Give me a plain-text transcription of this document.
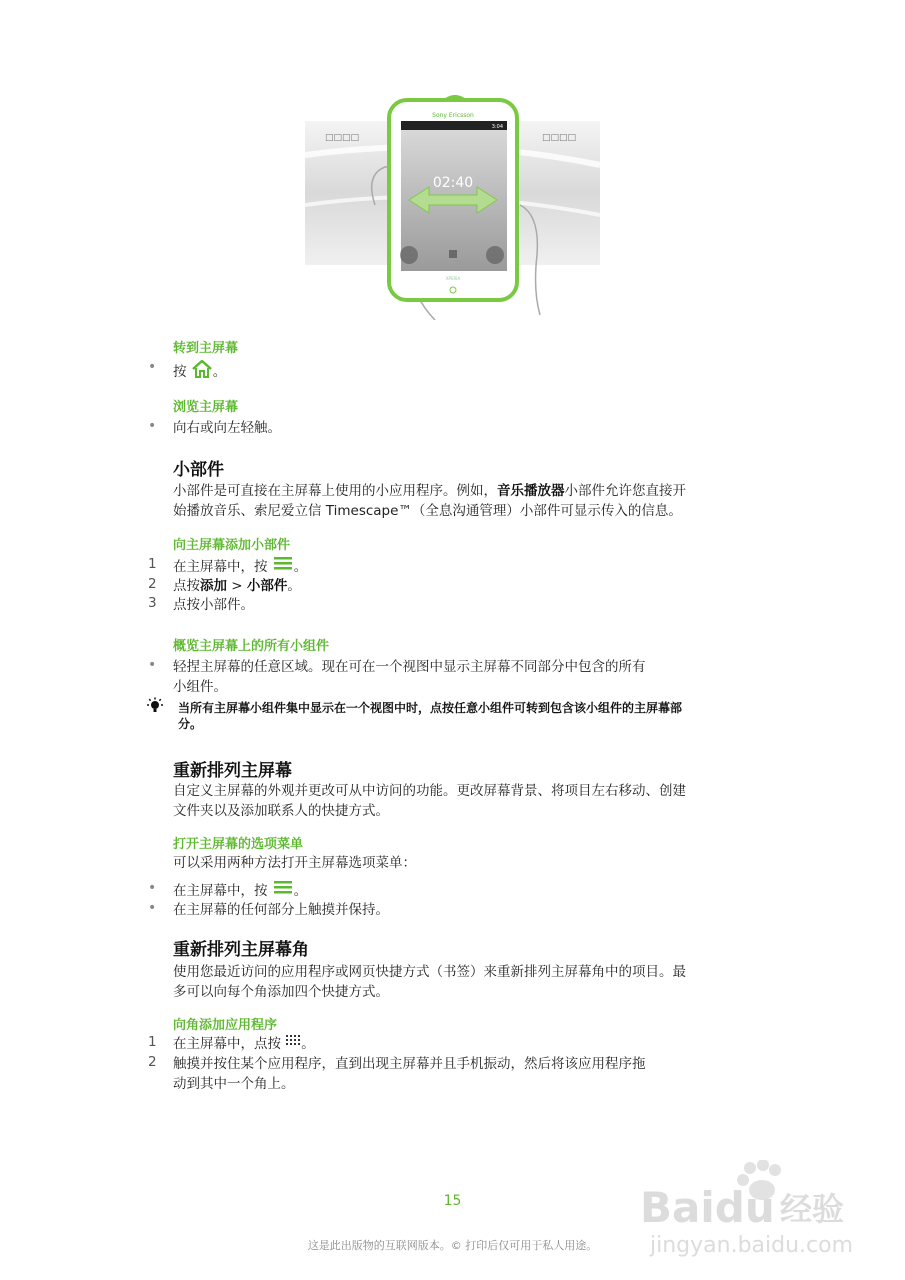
□□□□	□□□□
Sony Ericsson
3:04
02:40
XPERIA
转到主屏幕
• 按 。
浏览主屏幕
• 向右或向左轻触。
小部件
小部件是可直接在主屏幕上使用的小应用程序。例如，音乐播放器小部件允许您直接开
始播放音乐、索尼爱立信 Timescape™（全息沟通管理）小部件可显示传入的信息。
向主屏幕添加小部件
1 在主屏幕中，按 。
2 点按添加 > 小部件。
3 点按小部件。
概览主屏幕上的所有小组件
• 轻捏主屏幕的任意区域。现在可在一个视图中显示主屏幕不同部分中包含的所有
小组件。
当所有主屏幕小组件集中显示在一个视图中时，点按任意小组件可转到包含该小组件的主屏幕部
分。
重新排列主屏幕
自定义主屏幕的外观并更改可从中访问的功能。更改屏幕背景、将项目左右移动、创建
文件夹以及添加联系人的快捷方式。
打开主屏幕的选项菜单
可以采用两种方法打开主屏幕选项菜单：
• 在主屏幕中，按 。
• 在主屏幕的任何部分上触摸并保持。
重新排列主屏幕角
使用您最近访问的应用程序或网页快捷方式（书签）来重新排列主屏幕角中的项目。最
多可以向每个角添加四个快捷方式。
向角添加应用程序
1 在主屏幕中，点按 。
2 触摸并按住某个应用程序，直到出现主屏幕并且手机振动，然后将该应用程序拖
动到其中一个角上。
15	Baidu 经验
jingyan.baidu.com
这是此出版物的互联网版本。© 打印后仅可用于私人用途。
